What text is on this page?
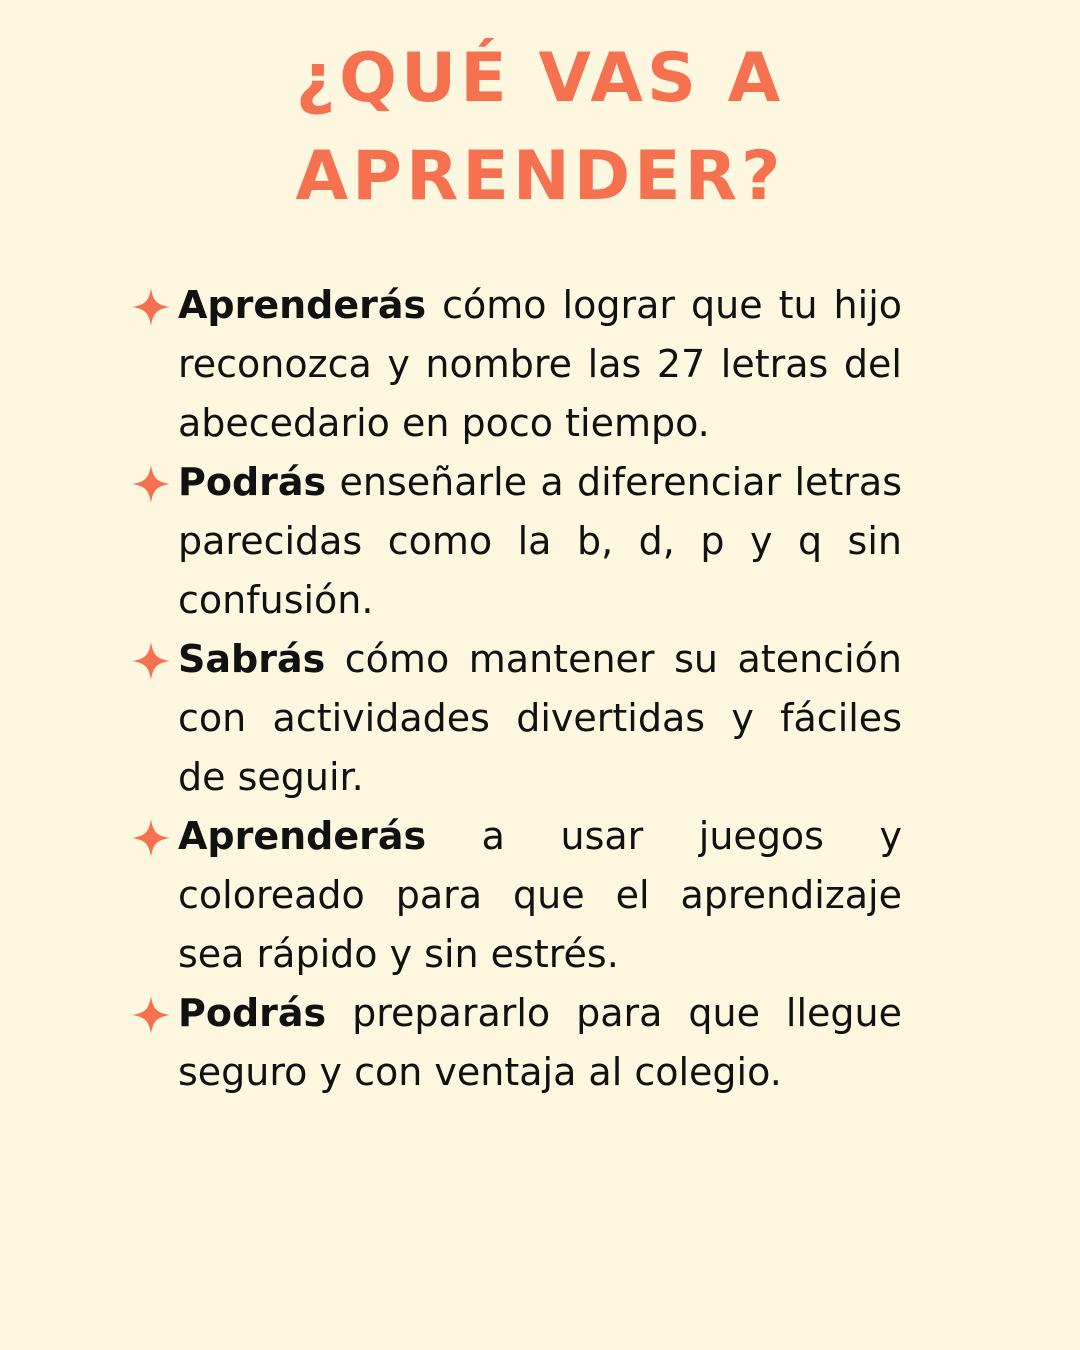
¿QUÉ VAS A
APRENDER?
Aprenderás cómo lograr que tu hijo reconozca y nombre las 27 letras del abecedario en poco tiempo.
Podrás enseñarle a diferenciar letras parecidas como la b, d, p y q sin confusión.
Sabrás cómo mantener su atención con actividades divertidas y fáciles de seguir.
Aprenderás a usar juegos y coloreado para que el aprendizaje sea rápido y sin estrés.
Podrás prepararlo para que llegue seguro y con ventaja al colegio.
